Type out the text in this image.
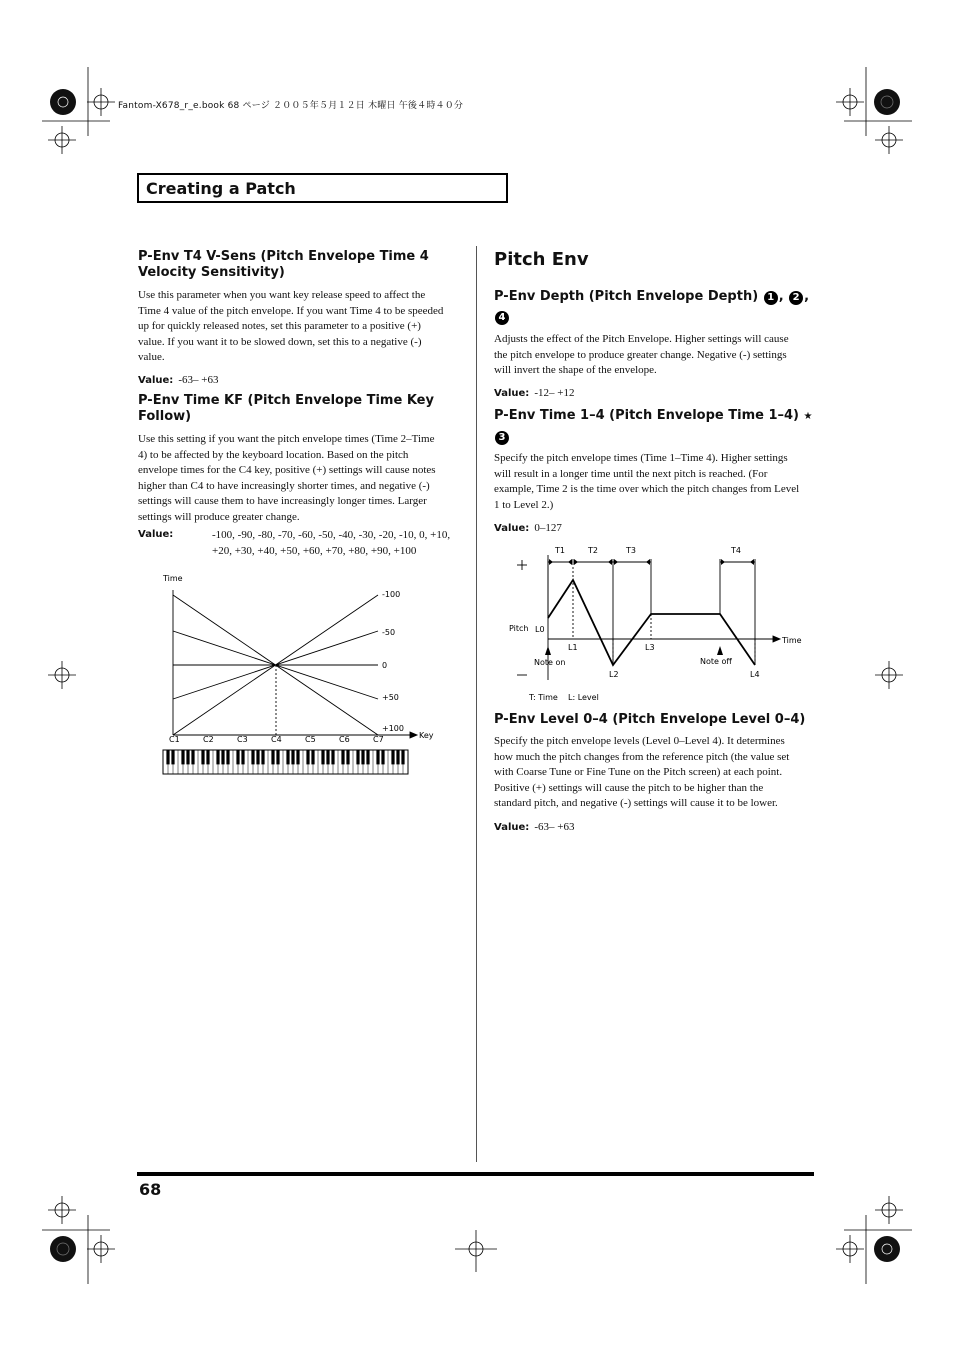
Fantom-X678_r_e.book 68 ページ ２００５年５月１２日 木曜日 午後４時４０分
Creating a Patch
P-Env T4 V-Sens (Pitch Envelope Time 4
Velocity Sensitivity)
Use this parameter when you want key release speed to affect the
Time 4 value of the pitch envelope. If you want Time 4 to be speeded
up for quickly released notes, set this parameter to a positive (+)
value. If you want it to be slowed down, set this to a negative (-)
value.
Value: -63– +63
P-Env Time KF (Pitch Envelope Time Key
Follow)
Use this setting if you want the pitch envelope times (Time 2–Time
4) to be affected by the keyboard location. Based on the pitch
envelope times for the C4 key, positive (+) settings will cause notes
higher than C4 to have increasingly shorter times, and negative (-)
settings will cause them to have increasingly longer times. Larger
settings will produce greater change.
Value:	-100, -90, -80, -70, -60, -50, -40, -30, -20, -10, 0, +10,
+20, +30, +40, +50, +60, +70, +80, +90, +100
Time
Key
-100
-50
0
+50
+100
C1	C2	C3	C4	C5	C6	C7
Pitch Env
P-Env Depth (Pitch Envelope Depth) 1 , 2 ,
4
Adjusts the effect of the Pitch Envelope. Higher settings will cause
the pitch envelope to produce greater change. Negative (-) settings
will invert the shape of the envelope.
Value: -12– +12
P-Env Time 1–4 (Pitch Envelope Time 1–4) ★
3
Specify the pitch envelope times (Time 1–Time 4). Higher settings
will result in a longer time until the next pitch is reached. (For
example, Time 2 is the time over which the pitch changes from Level
1 to Level 2.)
Value: 0–127
T1	T2	T3	T4
L0
L1
L2
L3
L4
Pitch
Time
Note on	Note off
T: Time    L: Level
P-Env Level 0–4 (Pitch Envelope Level 0–4)
Specify the pitch envelope levels (Level 0–Level 4). It determines
how much the pitch changes from the reference pitch (the value set
with Coarse Tune or Fine Tune on the Pitch screen) at each point.
Positive (+) settings will cause the pitch to be higher than the
standard pitch, and negative (-) settings will cause it to be lower.
Value: -63– +63
68
